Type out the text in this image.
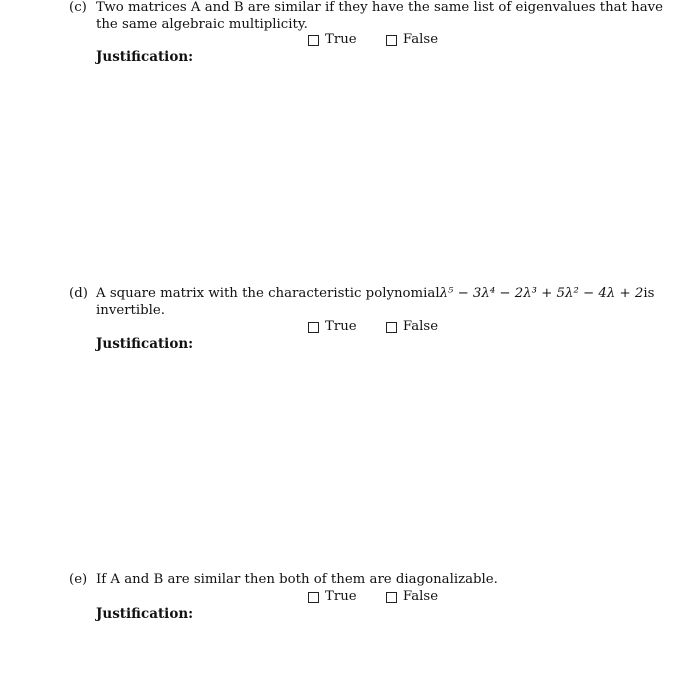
(c) Two matrices A and B are similar if they have the same list of eigenvalues that have
the same algebraic multiplicity.
True
	False
Justification:
(d) A square matrix with the characteristic polynomial λ⁵ − 3λ⁴ − 2λ³ + 5λ² − 4λ + 2 is
invertible.
True
	False
Justification:
(e) If A and B are similar then both of them are diagonalizable.
True
	False
Justification:
